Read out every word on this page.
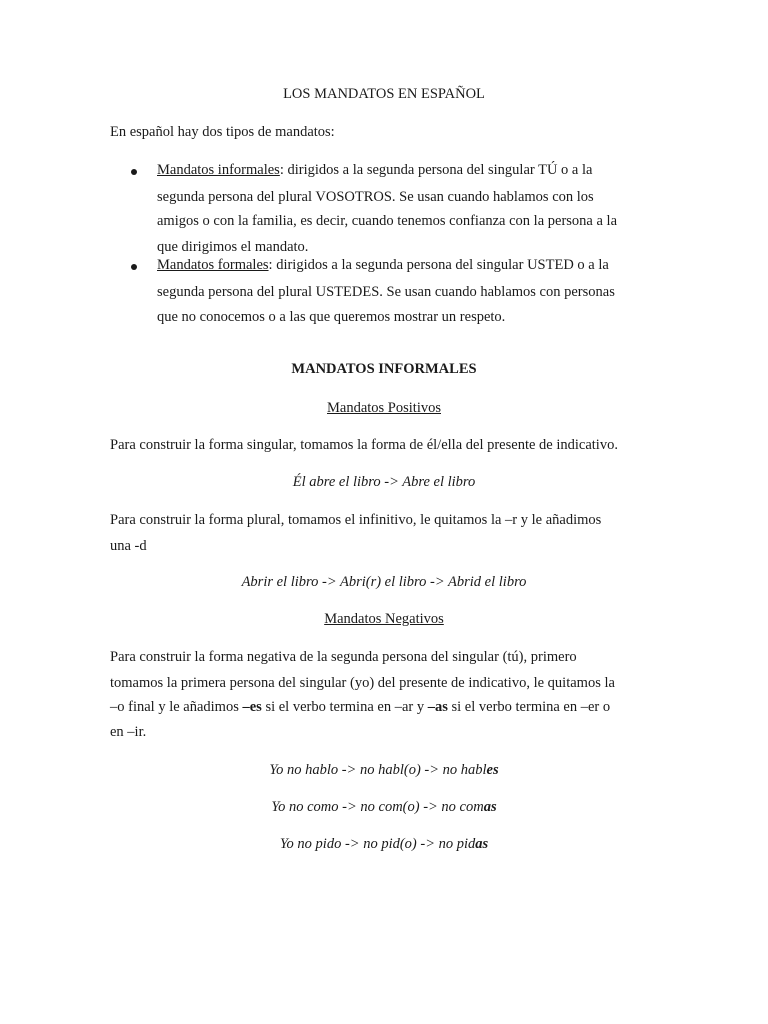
LOS MANDATOS EN ESPAÑOL
En español hay dos tipos de mandatos:
Mandatos informales: dirigidos a la segunda persona del singular TÚ o a la
segunda persona del plural VOSOTROS. Se usan cuando hablamos con los
amigos o con la familia, es decir, cuando tenemos confianza con la persona a la
que dirigimos el mandato.
Mandatos formales: dirigidos a la segunda persona del singular USTED o a la
segunda persona del plural USTEDES. Se usan cuando hablamos con personas
que no conocemos o a las que queremos mostrar un respeto.
MANDATOS INFORMALES
Mandatos Positivos
Para construir la forma singular, tomamos la forma de él/ella del presente de indicativo.
Él abre el libro -> Abre el libro
Para construir la forma plural, tomamos el infinitivo, le quitamos la –r y le añadimos
una -d
Abrir el libro -> Abri(r) el libro -> Abrid el libro
Mandatos Negativos
Para construir la forma negativa de la segunda persona del singular (tú), primero
tomamos la primera persona del singular (yo) del presente de indicativo, le quitamos la
–o final y le añadimos –es si el verbo termina en –ar y –as si el verbo termina en –er o
en –ir.
Yo no hablo -> no habl(o) -> no hables
Yo no como -> no com(o) -> no comas
Yo no pido -> no pid(o) -> no pidas
